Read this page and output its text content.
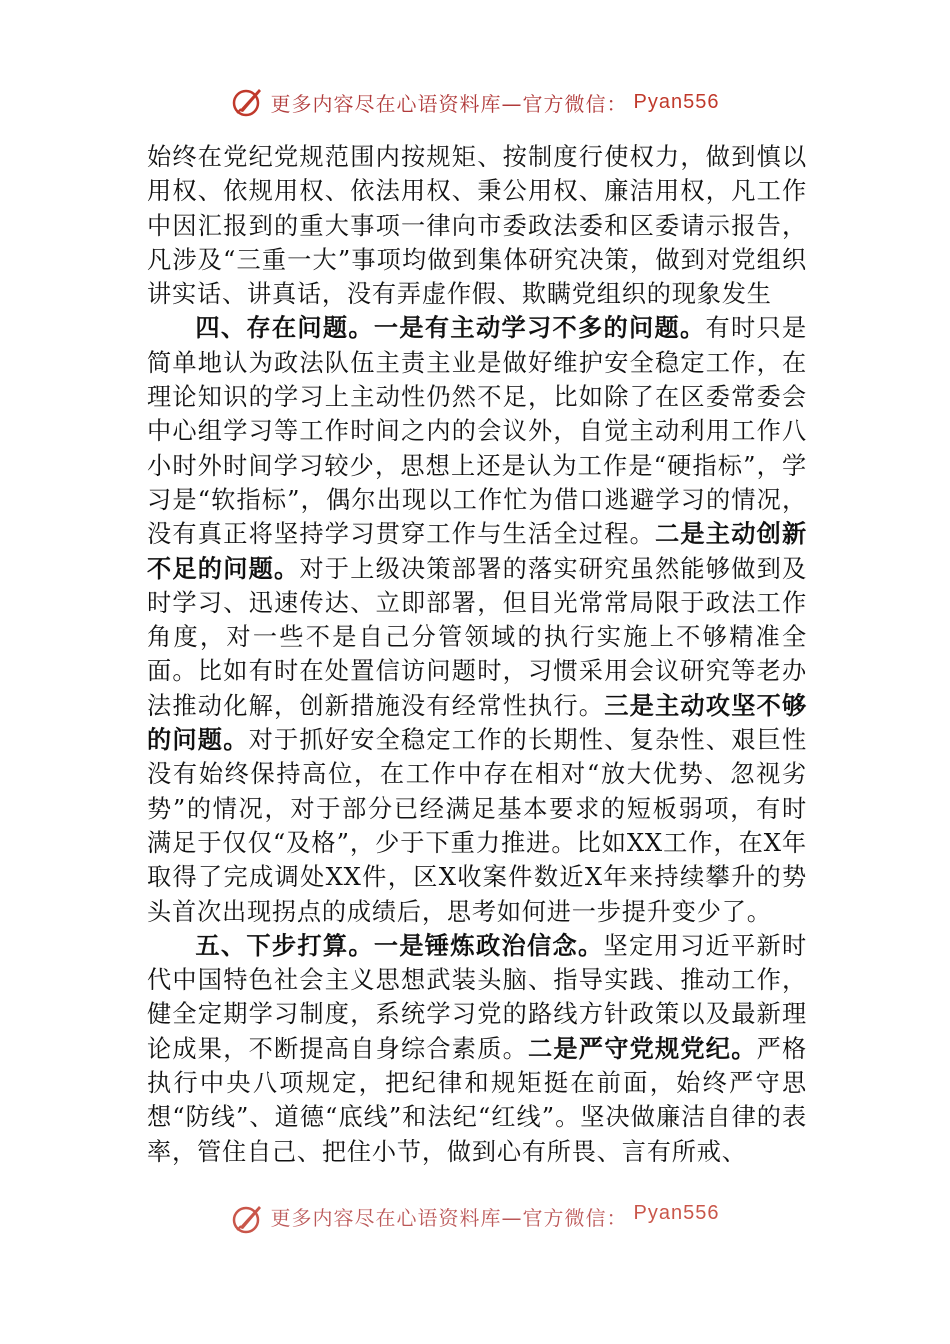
更多内容尽在心语资料库—官方微信： Pyan556

始终在党纪党规范围内按规矩、按制度行使权力，做到慎以用权、依规用权、依法用权、秉公用权、廉洁用权，凡工作中因汇报到的重大事项一律向市委政法委和区委请示报告，凡涉及“三重一大”事项均做到集体研究决策，做到对党组织讲实话、讲真话，没有弄虚作假、欺瞒党组织的现象发生

四、存在问题。一是有主动学习不多的问题。有时只是简单地认为政法队伍主责主业是做好维护安全稳定工作，在理论知识的学习上主动性仍然不足，比如除了在区委常委会中心组学习等工作时间之内的会议外，自觉主动利用工作八小时外时间学习较少，思想上还是认为工作是“硬指标”，学习是“软指标”，偶尔出现以工作忙为借口逃避学习的情况，没有真正将坚持学习贯穿工作与生活全过程。二是主动创新不足的问题。对于上级决策部署的落实研究虽然能够做到及时学习、迅速传达、立即部署，但目光常常局限于政法工作角度，对一些不是自己分管领域的执行实施上不够精准全面。比如有时在处置信访问题时，习惯采用会议研究等老办法推动化解，创新措施没有经常性执行。三是主动攻坚不够的问题。对于抓好安全稳定工作的长期性、复杂性、艰巨性没有始终保持高位，在工作中存在相对“放大优势、忽视劣势”的情况，对于部分已经满足基本要求的短板弱项，有时满足于仅仅“及格”，少于下重力推进。比如XX工作，在X年取得了完成调处XX件，区X收案件数近X年来持续攀升的势头首次出现拐点的成绩后，思考如何进一步提升变少了。

五、下步打算。一是锤炼政治信念。坚定用习近平新时代中国特色社会主义思想武装头脑、指导实践、推动工作，健全定期学习制度，系统学习党的路线方针政策以及最新理论成果，不断提高自身综合素质。二是严守党规党纪。严格执行中央八项规定，把纪律和规矩挺在前面，始终严守思想“防线”、道德“底线”和法纪“红线”。坚决做廉洁自律的表率，管住自己、把住小节，做到心有所畏、言有所戒、

更多内容尽在心语资料库—官方微信： Pyan556
